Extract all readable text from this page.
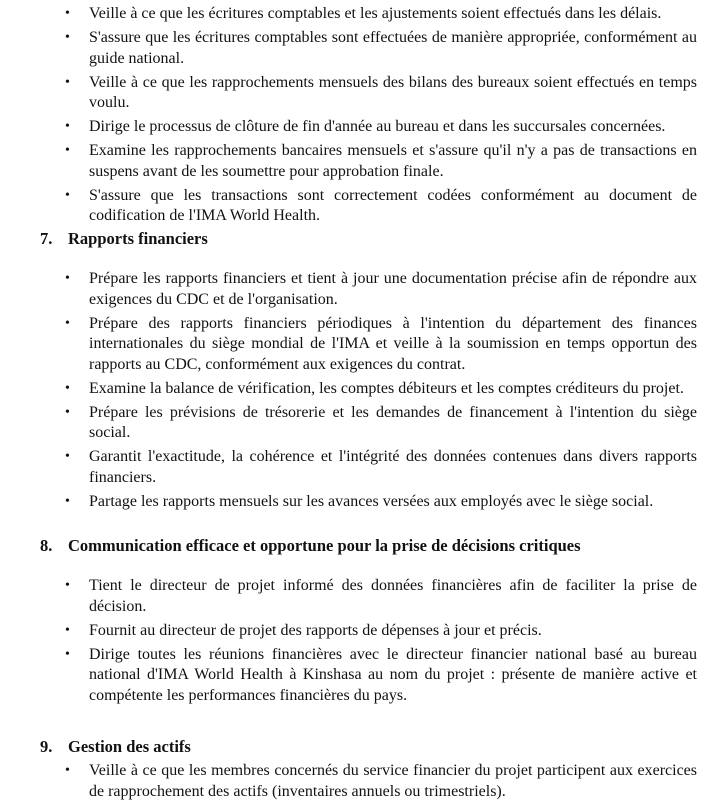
• Veille à ce que les écritures comptables et les ajustements soient effectués dans les délais.
• S'assure que les écritures comptables sont effectuées de manière appropriée, conformément au guide national.
• Veille à ce que les rapprochements mensuels des bilans des bureaux soient effectués en temps voulu.
• Dirige le processus de clôture de fin d'année au bureau et dans les succursales concernées.
• Examine les rapprochements bancaires mensuels et s'assure qu'il n'y a pas de transactions en suspens avant de les soumettre pour approbation finale.
• S'assure que les transactions sont correctement codées conformément au document de codification de l'IMA World Health.
7. Rapports financiers
• Prépare les rapports financiers et tient à jour une documentation précise afin de répondre aux exigences du CDC et de l'organisation.
• Prépare des rapports financiers périodiques à l'intention du département des finances internationales du siège mondial de l'IMA et veille à la soumission en temps opportun des rapports au CDC, conformément aux exigences du contrat.
• Examine la balance de vérification, les comptes débiteurs et les comptes créditeurs du projet.
• Prépare les prévisions de trésorerie et les demandes de financement à l'intention du siège social.
• Garantit l'exactitude, la cohérence et l'intégrité des données contenues dans divers rapports financiers.
• Partage les rapports mensuels sur les avances versées aux employés avec le siège social.
8. Communication efficace et opportune pour la prise de décisions critiques
• Tient le directeur de projet informé des données financières afin de faciliter la prise de décision.
• Fournit au directeur de projet des rapports de dépenses à jour et précis.
• Dirige toutes les réunions financières avec le directeur financier national basé au bureau national d'IMA World Health à Kinshasa au nom du projet : présente de manière active et compétente les performances financières du pays.
9. Gestion des actifs
• Veille à ce que les membres concernés du service financier du projet participent aux exercices de rapprochement des actifs (inventaires annuels ou trimestriels).
